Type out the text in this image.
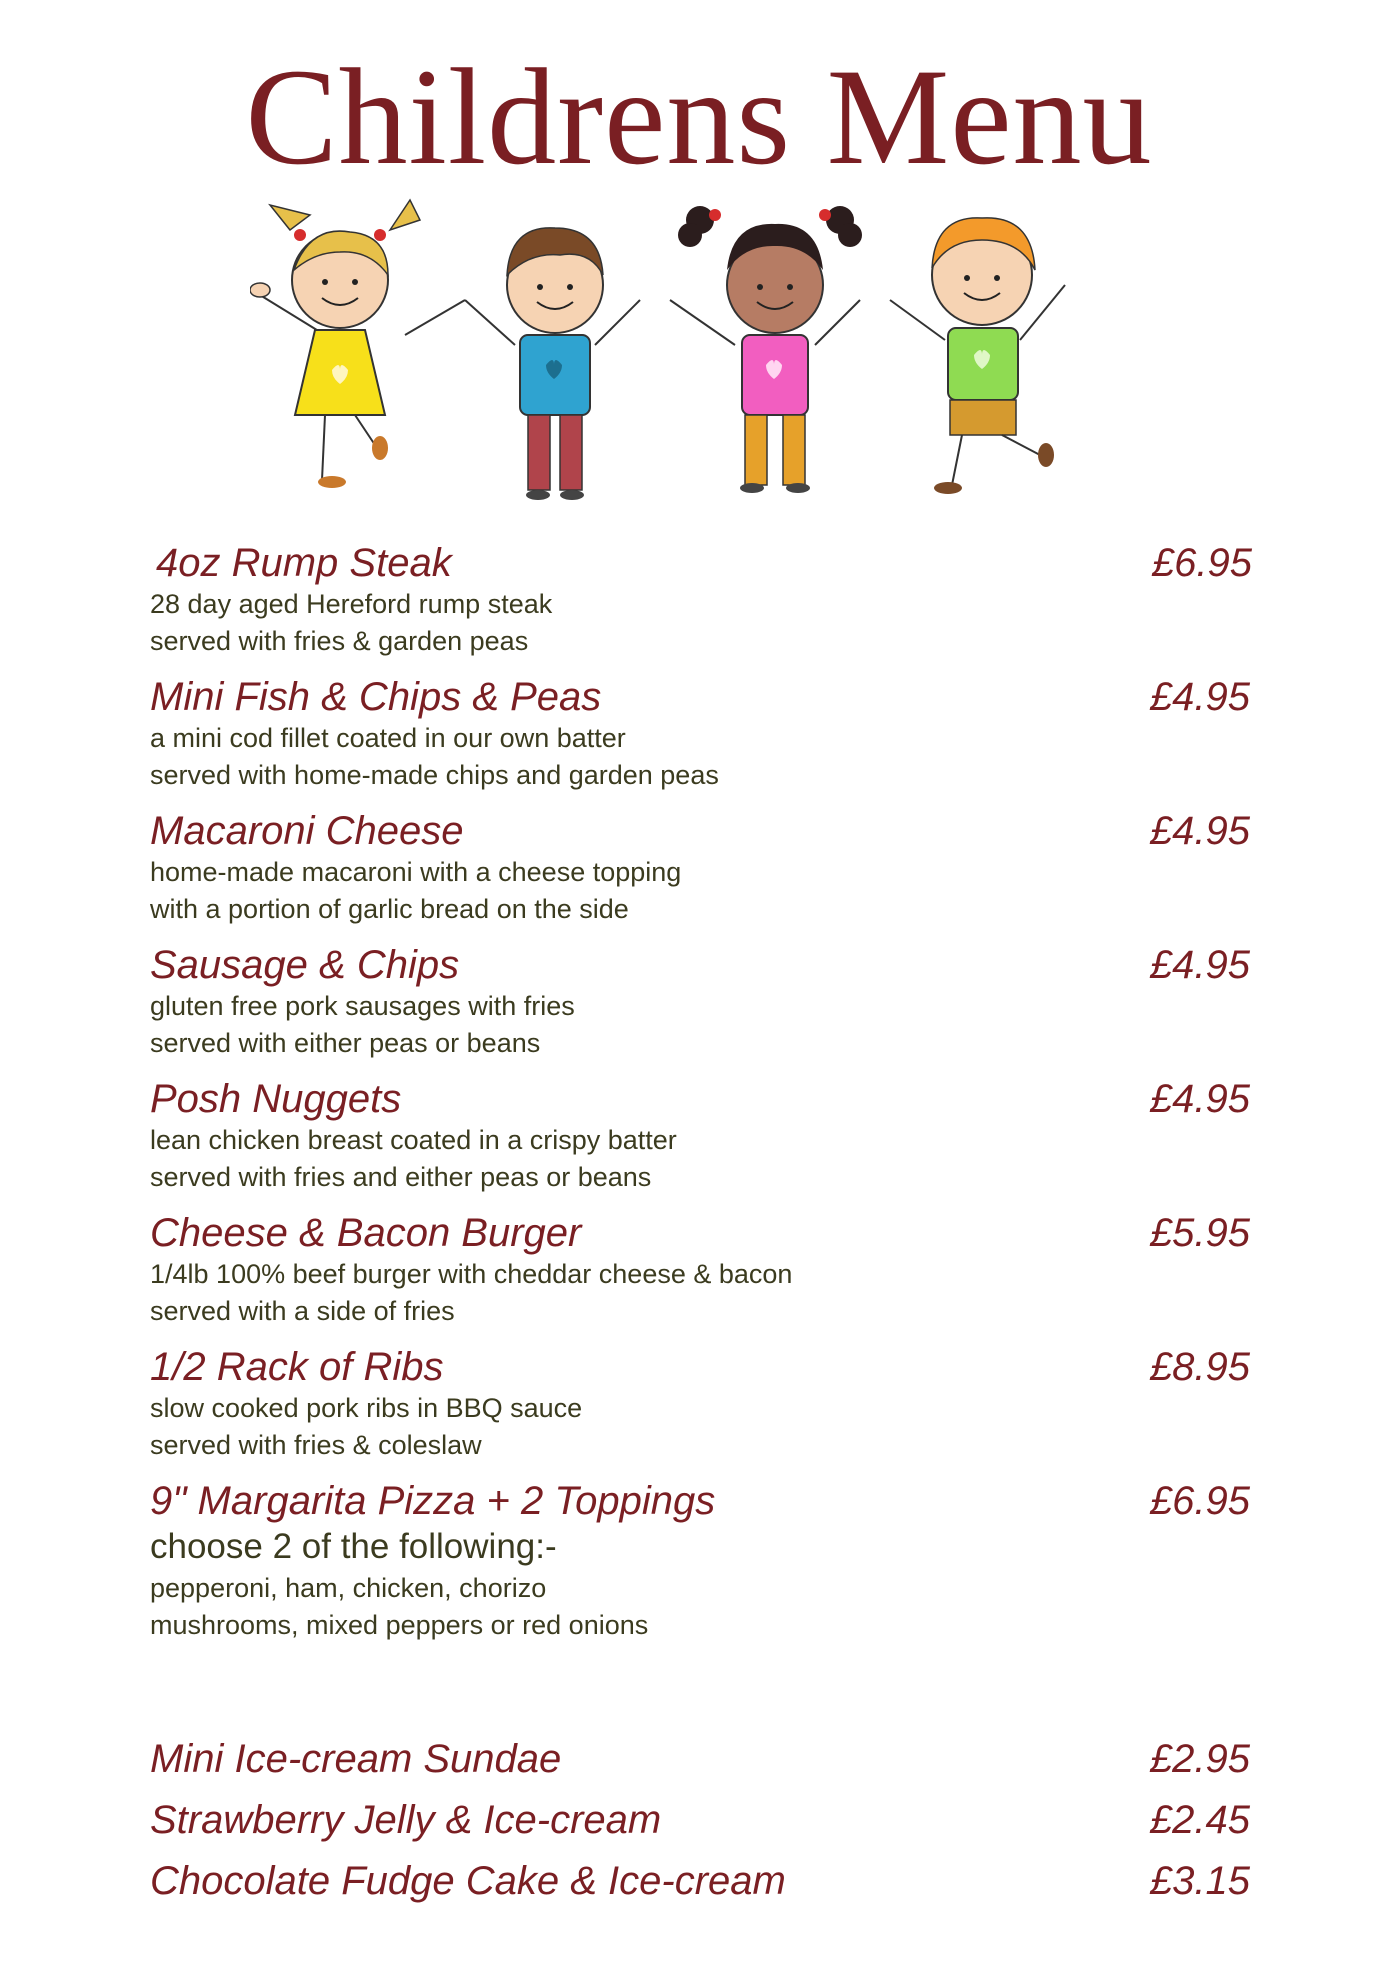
Childrens Menu
4oz Rump Steak	£6.95
28 day aged Hereford rump steak
served with fries & garden peas
Mini Fish & Chips & Peas	£4.95
a mini cod fillet coated in our own batter
served with home-made chips and garden peas
Macaroni Cheese	£4.95
home-made macaroni with a cheese topping
with a portion of garlic bread on the side
Sausage & Chips	£4.95
gluten free pork sausages with fries
served with either peas or beans
Posh Nuggets	£4.95
lean chicken breast coated in a crispy batter
served with fries and either peas or beans
Cheese & Bacon Burger	£5.95
1/4lb 100% beef burger with cheddar cheese & bacon
served with a side of fries
1/2 Rack of Ribs	£8.95
slow cooked pork ribs in BBQ sauce
served with fries & coleslaw
9" Margarita Pizza + 2 Toppings	£6.95
choose 2 of the following:-
pepperoni, ham, chicken, chorizo
mushrooms, mixed peppers or red onions
Mini Ice-cream Sundae	£2.95
Strawberry Jelly & Ice-cream	£2.45
Chocolate Fudge Cake & Ice-cream	£3.15
